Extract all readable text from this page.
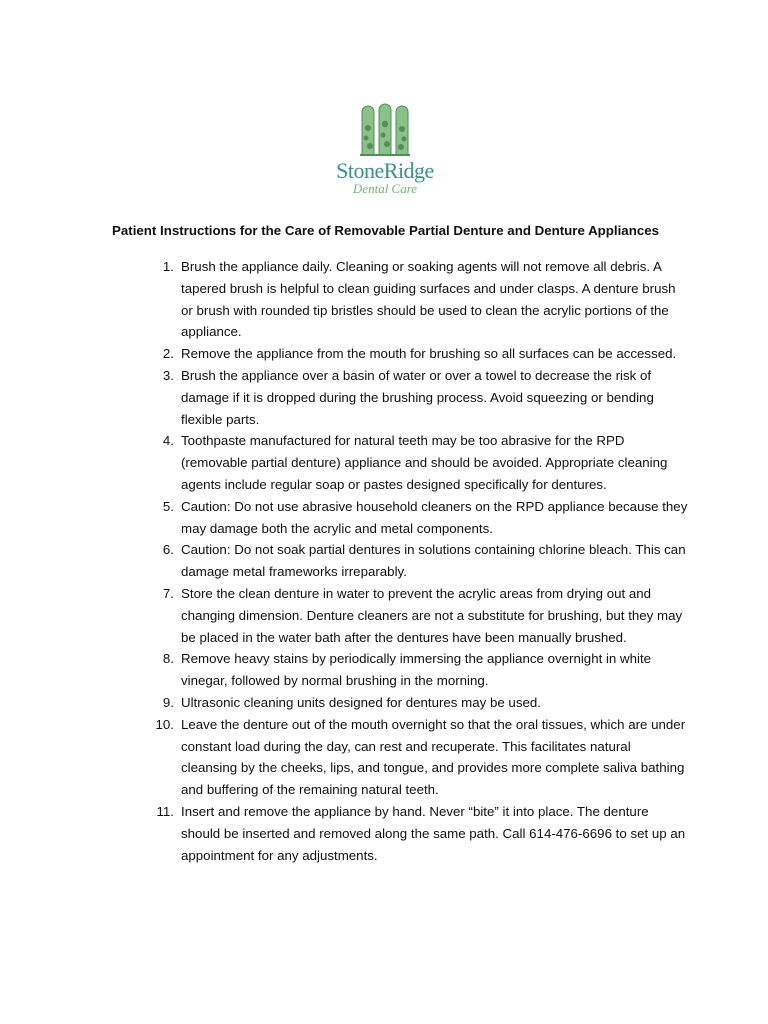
StoneRidge
Dental Care
Patient Instructions for the Care of Removable Partial Denture and Denture Appliances
1. Brush the appliance daily. Cleaning or soaking agents will not remove all debris. A tapered brush is helpful to clean guiding surfaces and under clasps. A denture brush or brush with rounded tip bristles should be used to clean the acrylic portions of the appliance.
2. Remove the appliance from the mouth for brushing so all surfaces can be accessed.
3. Brush the appliance over a basin of water or over a towel to decrease the risk of damage if it is dropped during the brushing process. Avoid squeezing or bending flexible parts.
4. Toothpaste manufactured for natural teeth may be too abrasive for the RPD (removable partial denture) appliance and should be avoided. Appropriate cleaning agents include regular soap or pastes designed specifically for dentures.
5. Caution: Do not use abrasive household cleaners on the RPD appliance because they may damage both the acrylic and metal components.
6. Caution: Do not soak partial dentures in solutions containing chlorine bleach. This can damage metal frameworks irreparably.
7. Store the clean denture in water to prevent the acrylic areas from drying out and changing dimension. Denture cleaners are not a substitute for brushing, but they may be placed in the water bath after the dentures have been manually brushed.
8. Remove heavy stains by periodically immersing the appliance overnight in white vinegar, followed by normal brushing in the morning.
9. Ultrasonic cleaning units designed for dentures may be used.
10. Leave the denture out of the mouth overnight so that the oral tissues, which are under constant load during the day, can rest and recuperate. This facilitates natural cleansing by the cheeks, lips, and tongue, and provides more complete saliva bathing and buffering of the remaining natural teeth.
11. Insert and remove the appliance by hand. Never “bite” it into place. The denture should be inserted and removed along the same path. Call 614-476-6696 to set up an appointment for any adjustments.
